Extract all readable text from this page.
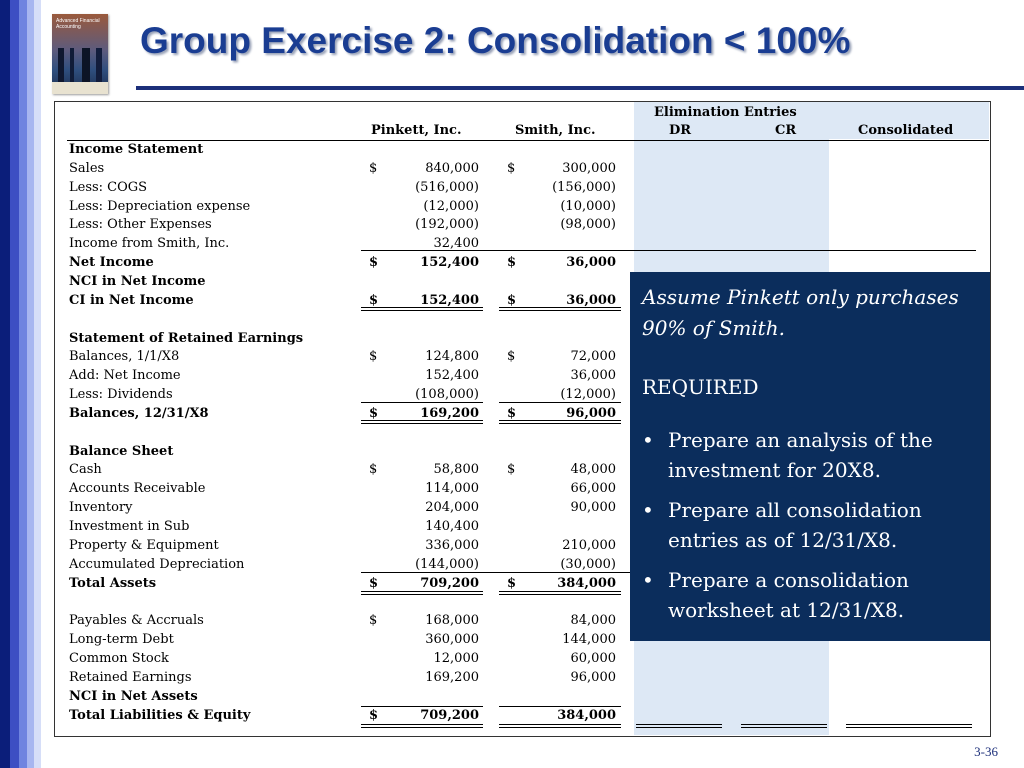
Advanced Financial
Accounting	Group Exercise 2: Consolidation < 100%
Elimination Entries
Pinkett, Inc.	Smith, Inc.	DR	CR	Consolidated
Income Statement
Sales	$	840,000 $	300,000
Less: COGS	(516,000)	(156,000)
Less: Depreciation expense	(12,000)	(10,000)
Less: Other Expenses	(192,000)	(98,000)
Income from Smith, Inc.	32,400
Net Income	$	152,400 $	36,000
NCI in Net Income
CI in Net Income	$	152,400 $	36,000
Statement of Retained Earnings
Balances, 1/1/X8	$	124,800 $	72,000
Add: Net Income	152,400	36,000
Less: Dividends	(108,000)	(12,000)
Balances, 12/31/X8	$	169,200 $	96,000
Balance Sheet
Cash	$	58,800 $	48,000
Accounts Receivable	114,000	66,000
Inventory	204,000	90,000
Investment in Sub	140,400
Property & Equipment	336,000	210,000
Accumulated Depreciation	(144,000)	(30,000)
Total Assets	$	709,200 $	384,000
Payables & Accruals	$	168,000	84,000
Long-term Debt	360,000	144,000
Common Stock	12,000	60,000
Retained Earnings	169,200	96,000
NCI in Net Assets
Total Liabilities & Equity	$	709,200	384,000

Assume Pinkett only purchases 90% of Smith.

REQUIRED
• Prepare an analysis of the investment for 20X8.
• Prepare all consolidation entries as of 12/31/X8.
• Prepare a consolidation worksheet at 12/31/X8.
3-36
